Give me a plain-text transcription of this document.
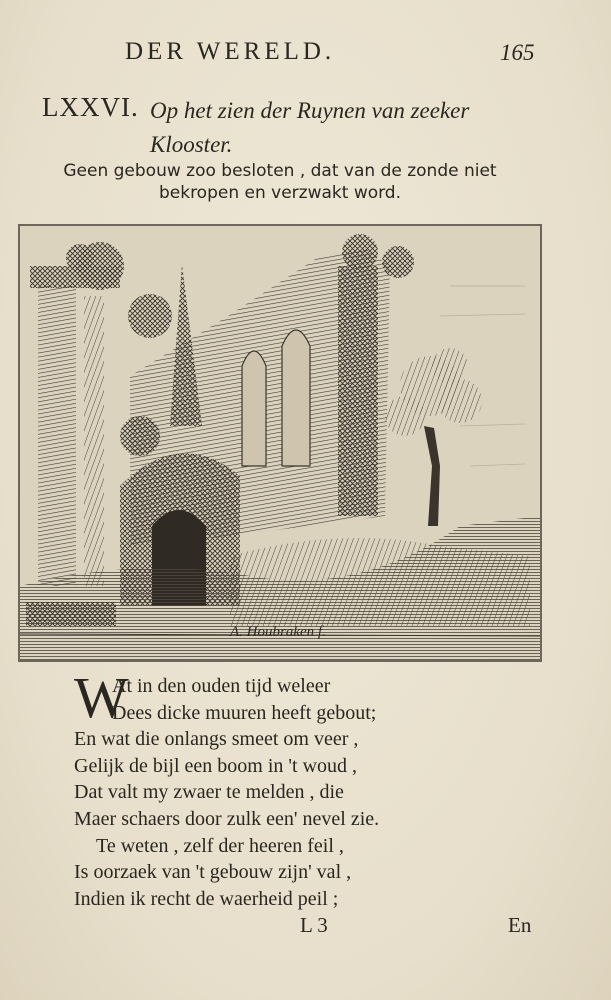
DER WERELD.	165
LXXVI. Op het zien der Ruynen van zeeker
Klooster.
Geen gebouw zoo besloten , dat van de zonde niet
bekropen en verzwakt word.
A. Houbraken f.
W
At in den ouden tijd weleer
Dees dicke muuren heeft gebout;
En wat die onlangs smeet om veer ,
Gelijk de bijl een boom in 't woud ,
Dat valt my zwaer te melden , die
Maer schaers door zulk een' nevel zie.
Te weten , zelf der heeren feil ,
Is oorzaek van 't gebouw zijn' val ,
Indien ik recht de waerheid peil ;
L 3	En
